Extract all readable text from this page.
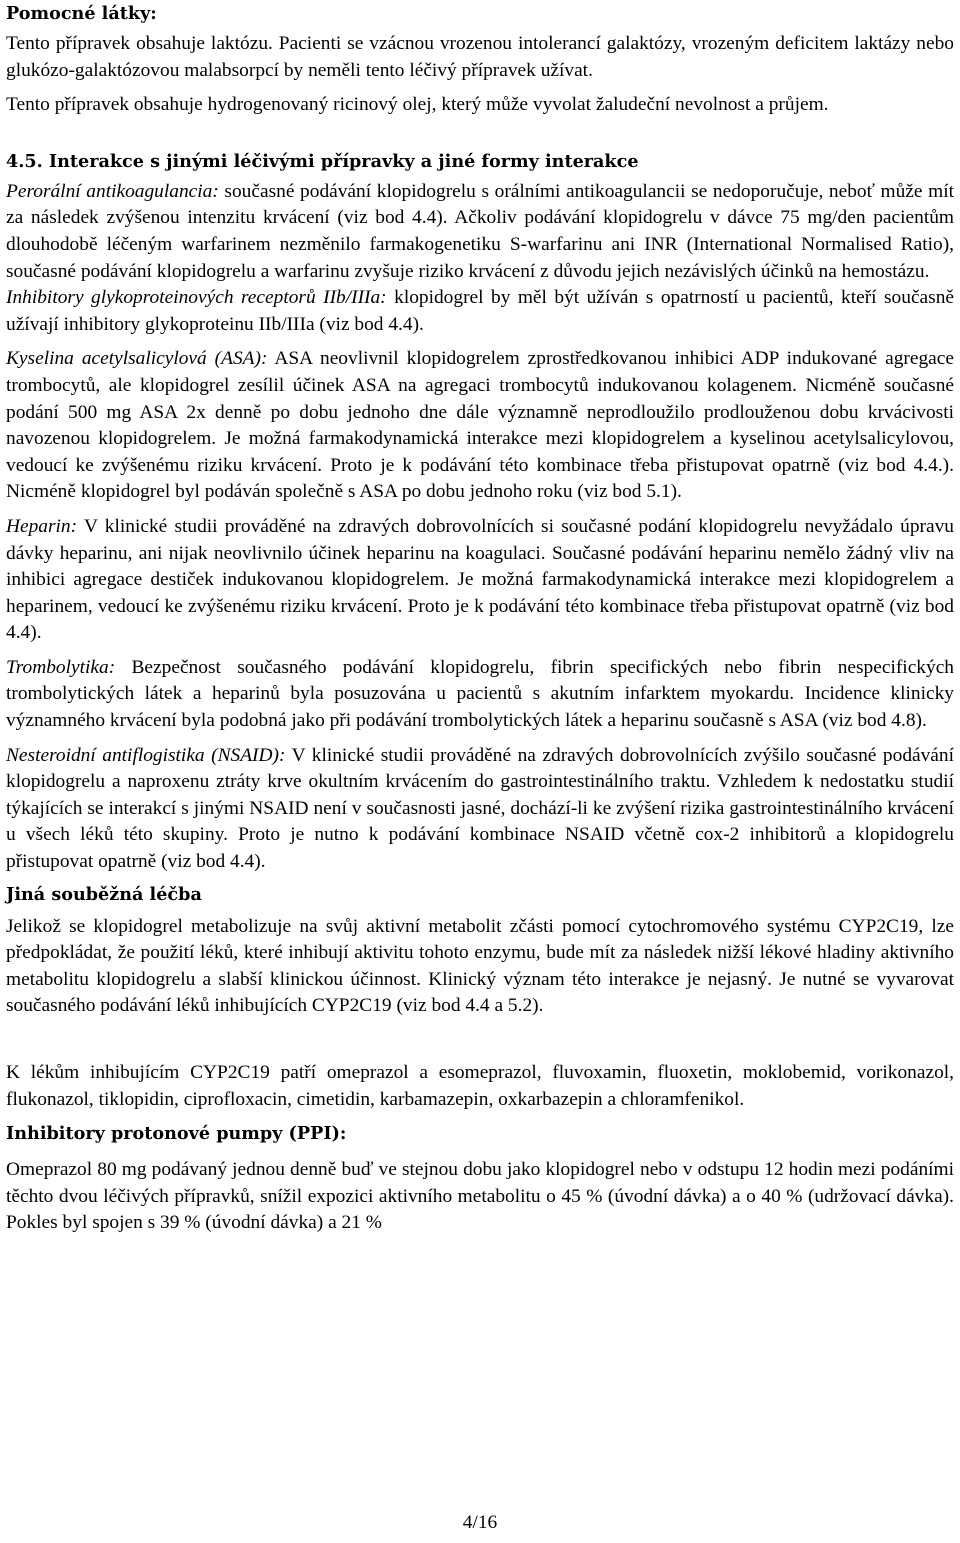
Pomocné látky:

Tento přípravek obsahuje laktózu. Pacienti se vzácnou vrozenou intolerancí galaktózy, vrozeným deficitem laktázy nebo glukózo-galaktózovou malabsorpcí by neměli tento léčivý přípravek užívat.

Tento přípravek obsahuje hydrogenovaný ricinový olej, který může vyvolat žaludeční nevolnost a průjem.

4.5. Interakce s jinými léčivými přípravky a jiné formy interakce

Perorální antikoagulancia: současné podávání klopidogrelu s orálními antikoagulancii se nedoporučuje, neboť může mít za následek zvýšenou intenzitu krvácení (viz bod 4.4). Ačkoliv podávání klopidogrelu v dávce 75 mg/den pacientům dlouhodobě léčeným warfarinem nezměnilo farmakogenetiku S-warfarinu ani INR (International Normalised Ratio), současné podávání klopidogrelu a warfarinu zvyšuje riziko krvácení z důvodu jejich nezávislých účinků na hemostázu.

Inhibitory glykoproteinových receptorů IIb/IIIa: klopidogrel by měl být užíván s opatrností u pacientů, kteří současně užívají inhibitory glykoproteinu IIb/IIIa (viz bod 4.4).

Kyselina acetylsalicylová (ASA): ASA neovlivnil klopidogrelem zprostředkovanou inhibici ADP indukované agregace trombocytů, ale klopidogrel zesílil účinek ASA na agregaci trombocytů indukovanou kolagenem. Nicméně současné podání 500 mg ASA 2x denně po dobu jednoho dne dále významně neprodloužilo prodlouženou dobu krvácivosti navozenou klopidogrelem. Je možná farmakodynamická interakce mezi klopidogrelem a kyselinou acetylsalicylovou, vedoucí ke zvýšenému riziku krvácení. Proto je k podávání této kombinace třeba přistupovat opatrně (viz bod 4.4.). Nicméně klopidogrel byl podáván společně s ASA po dobu jednoho roku (viz bod 5.1).

Heparin: V klinické studii prováděné na zdravých dobrovolnících si současné podání klopidogrelu nevyžádalo úpravu dávky heparinu, ani nijak neovlivnilo účinek heparinu na koagulaci. Současné podávání heparinu nemělo žádný vliv na inhibici agregace destiček indukovanou klopidogrelem. Je možná farmakodynamická interakce mezi klopidogrelem a heparinem, vedoucí ke zvýšenému riziku krvácení. Proto je k podávání této kombinace třeba přistupovat opatrně (viz bod 4.4).

Trombolytika: Bezpečnost současného podávání klopidogrelu, fibrin specifických nebo fibrin nespecifických trombolytických látek a heparinů byla posuzována u pacientů s akutním infarktem myokardu. Incidence klinicky významného krvácení byla podobná jako při podávání trombolytických látek a heparinu současně s ASA (viz bod 4.8).

Nesteroidní antiflogistika (NSAID): V klinické studii prováděné na zdravých dobrovolnících zvýšilo současné podávání klopidogrelu a naproxenu ztráty krve okultním krvácením do gastrointestinálního traktu. Vzhledem k nedostatku studií týkajících se interakcí s jinými NSAID není v současnosti jasné, dochází-li ke zvýšení rizika gastrointestinálního krvácení u všech léků této skupiny. Proto je nutno k podávání kombinace NSAID včetně cox-2 inhibitorů a klopidogrelu přistupovat opatrně (viz bod 4.4).

Jiná souběžná léčba

Jelikož se klopidogrel metabolizuje na svůj aktivní metabolit zčásti pomocí cytochromového systému CYP2C19, lze předpokládat, že použití léků, které inhibují aktivitu tohoto enzymu, bude mít za následek nižší lékové hladiny aktivního metabolitu klopidogrelu a slabší klinickou účinnost. Klinický význam této interakce je nejasný. Je nutné se vyvarovat současného podávání léků inhibujících CYP2C19 (viz bod 4.4 a 5.2).

K lékům inhibujícím CYP2C19 patří omeprazol a esomeprazol, fluvoxamin, fluoxetin, moklobemid, vorikonazol, flukonazol, tiklopidin, ciprofloxacin, cimetidin, karbamazepin, oxkarbazepin a chloramfenikol.

Inhibitory protonové pumpy (PPI):

Omeprazol 80 mg podávaný jednou denně buď ve stejnou dobu jako klopidogrel nebo v odstupu 12 hodin mezi podáními těchto dvou léčivých přípravků, snížil expozici aktivního metabolitu o 45 % (úvodní dávka) a o 40 % (udržovací dávka). Pokles byl spojen s 39 % (úvodní dávka) a 21 %

4/16
